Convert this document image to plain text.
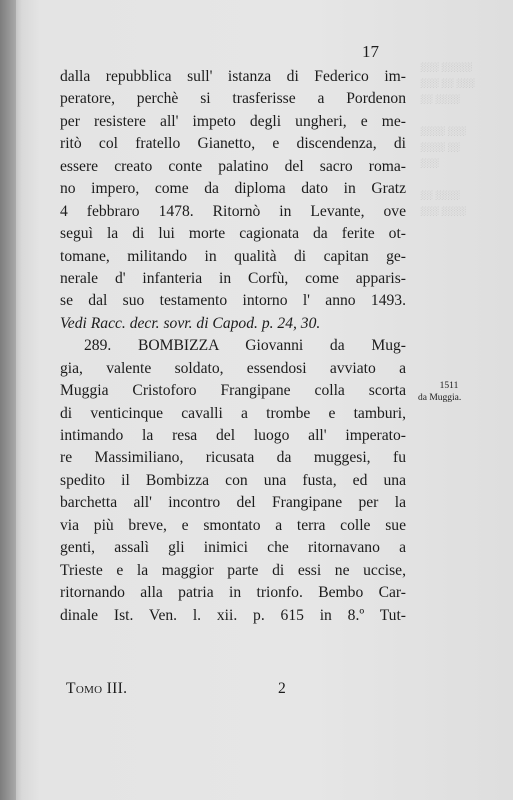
░░░░░ ░░░
░░░ ░░ ░░░
░░░░ ░░

░░░ ░░░░
░░ ░░░░
░░░

░░░░ ░░
░░░░ ░░░
17
dalla repubblica sull' istanza di Federico im-
peratore, perchè si trasferisse a Pordenon
per resistere all' impeto degli ungheri, e me-
ritò col fratello Gianetto, e discendenza, di
essere creato conte palatino del sacro roma-
no impero, come da diploma dato in Gratz
4 febbraro 1478. Ritornò in Levante, ove
seguì la di lui morte cagionata da ferite ot-
tomane, militando in qualità di capitan ge-
nerale d' infanteria in Corfù, come apparis-
se dal suo testamento intorno l' anno 1493.
Vedi Racc. decr. sovr. di Capod. p. 24, 30.
289. BOMBIZZA Giovanni da Mug-
gia, valente soldato, essendosi avviato a
Muggia Cristoforo Frangipane colla scorta
di venticinque cavalli a trombe e tamburi,
intimando la resa del luogo all' imperato-
re Massimiliano, ricusata da muggesi, fu
spedito il Bombizza con una fusta, ed una
barchetta all' incontro del Frangipane per la
via più breve, e smontato a terra colle sue
genti, assalì gli inimici che ritornavano a
Trieste e la maggior parte di essi ne uccise,
ritornando alla patria in trionfo. Bembo Car-
dinale Ist. Ven. l. xii. p. 615 in 8.º Tut-
1511
da Muggia.
Tomo III.	2
